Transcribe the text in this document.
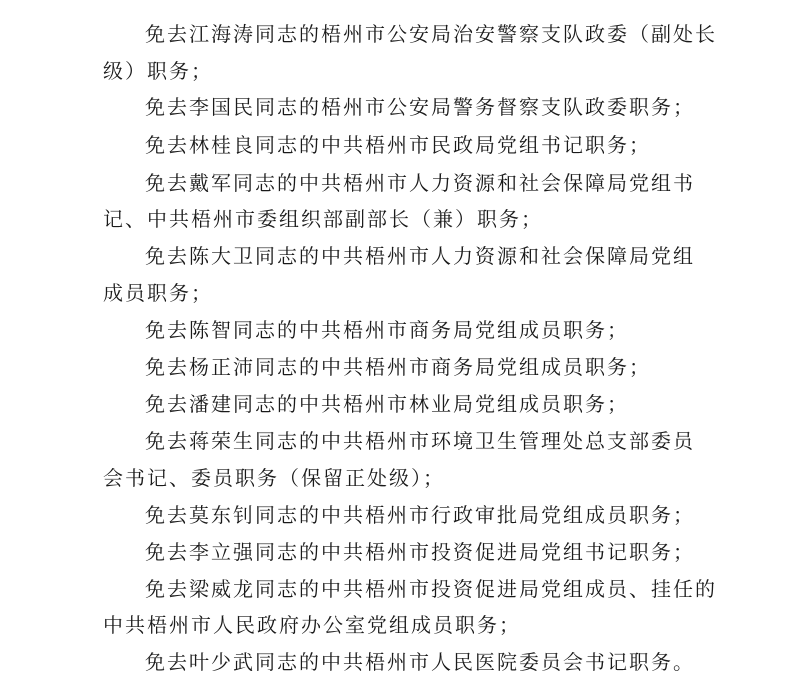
免去江海涛同志的梧州市公安局治安警察支队政委（副处长
级）职务；
免去李国民同志的梧州市公安局警务督察支队政委职务；
免去林桂良同志的中共梧州市民政局党组书记职务；
免去戴军同志的中共梧州市人力资源和社会保障局党组书
记、中共梧州市委组织部副部长（兼）职务；
免去陈大卫同志的中共梧州市人力资源和社会保障局党组
成员职务；
免去陈智同志的中共梧州市商务局党组成员职务；
免去杨正沛同志的中共梧州市商务局党组成员职务；
免去潘建同志的中共梧州市林业局党组成员职务；
免去蒋荣生同志的中共梧州市环境卫生管理处总支部委员
会书记、委员职务（保留正处级）；
免去莫东钊同志的中共梧州市行政审批局党组成员职务；
免去李立强同志的中共梧州市投资促进局党组书记职务；
免去梁威龙同志的中共梧州市投资促进局党组成员、挂任的
中共梧州市人民政府办公室党组成员职务；
免去叶少武同志的中共梧州市人民医院委员会书记职务。
